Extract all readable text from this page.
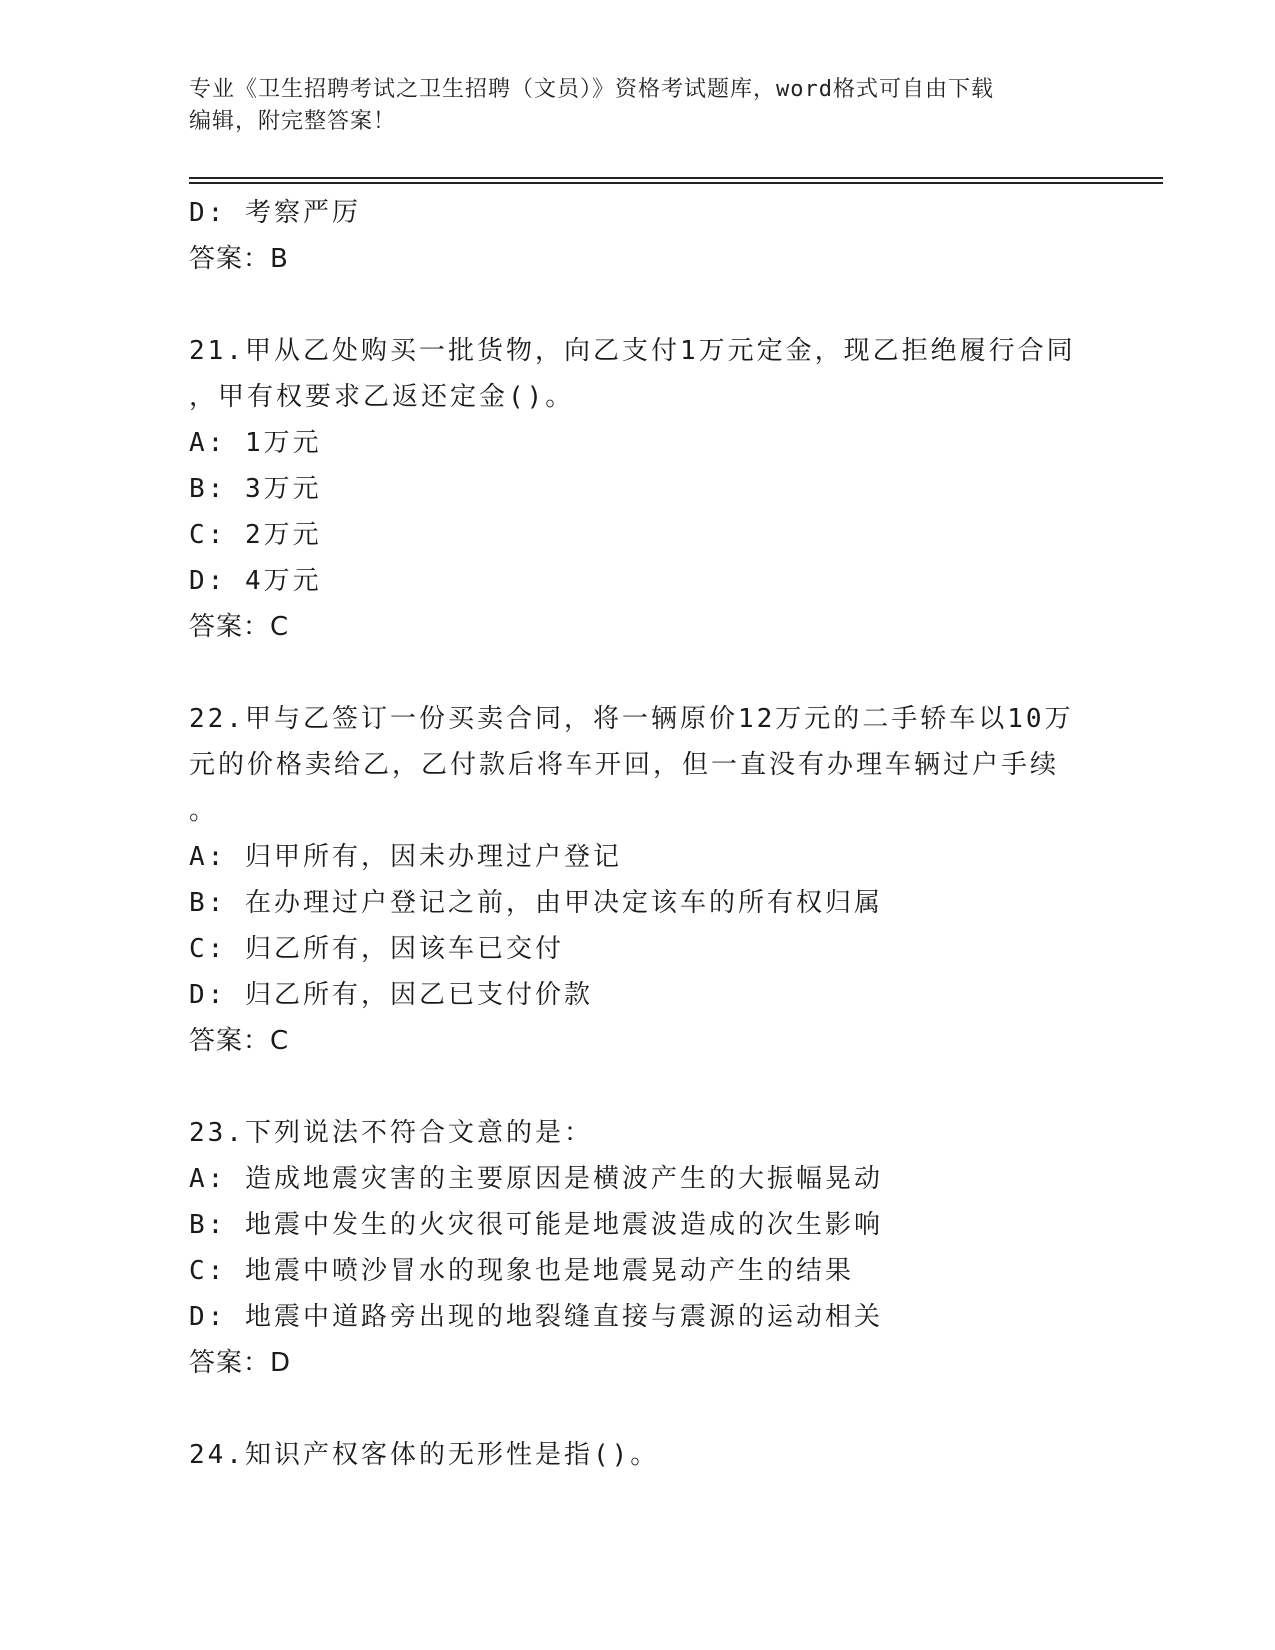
专业《卫生招聘考试之卫生招聘（文员）》资格考试题库，word格式可自由下载
编辑，附完整答案！
D: 考察严厉
答案：B
21.甲从乙处购买一批货物，向乙支付1万元定金，现乙拒绝履行合同
，甲有权要求乙返还定金()。
A: 1万元
B: 3万元
C: 2万元
D: 4万元
答案：C
22.甲与乙签订一份买卖合同，将一辆原价12万元的二手轿车以10万
元的价格卖给乙，乙付款后将车开回，但一直没有办理车辆过户手续
。
A: 归甲所有，因未办理过户登记
B: 在办理过户登记之前，由甲决定该车的所有权归属
C: 归乙所有，因该车已交付
D: 归乙所有，因乙已支付价款
答案：C
23.下列说法不符合文意的是：
A: 造成地震灾害的主要原因是横波产生的大振幅晃动
B: 地震中发生的火灾很可能是地震波造成的次生影响
C: 地震中喷沙冒水的现象也是地震晃动产生的结果
D: 地震中道路旁出现的地裂缝直接与震源的运动相关
答案：D
24.知识产权客体的无形性是指()。
